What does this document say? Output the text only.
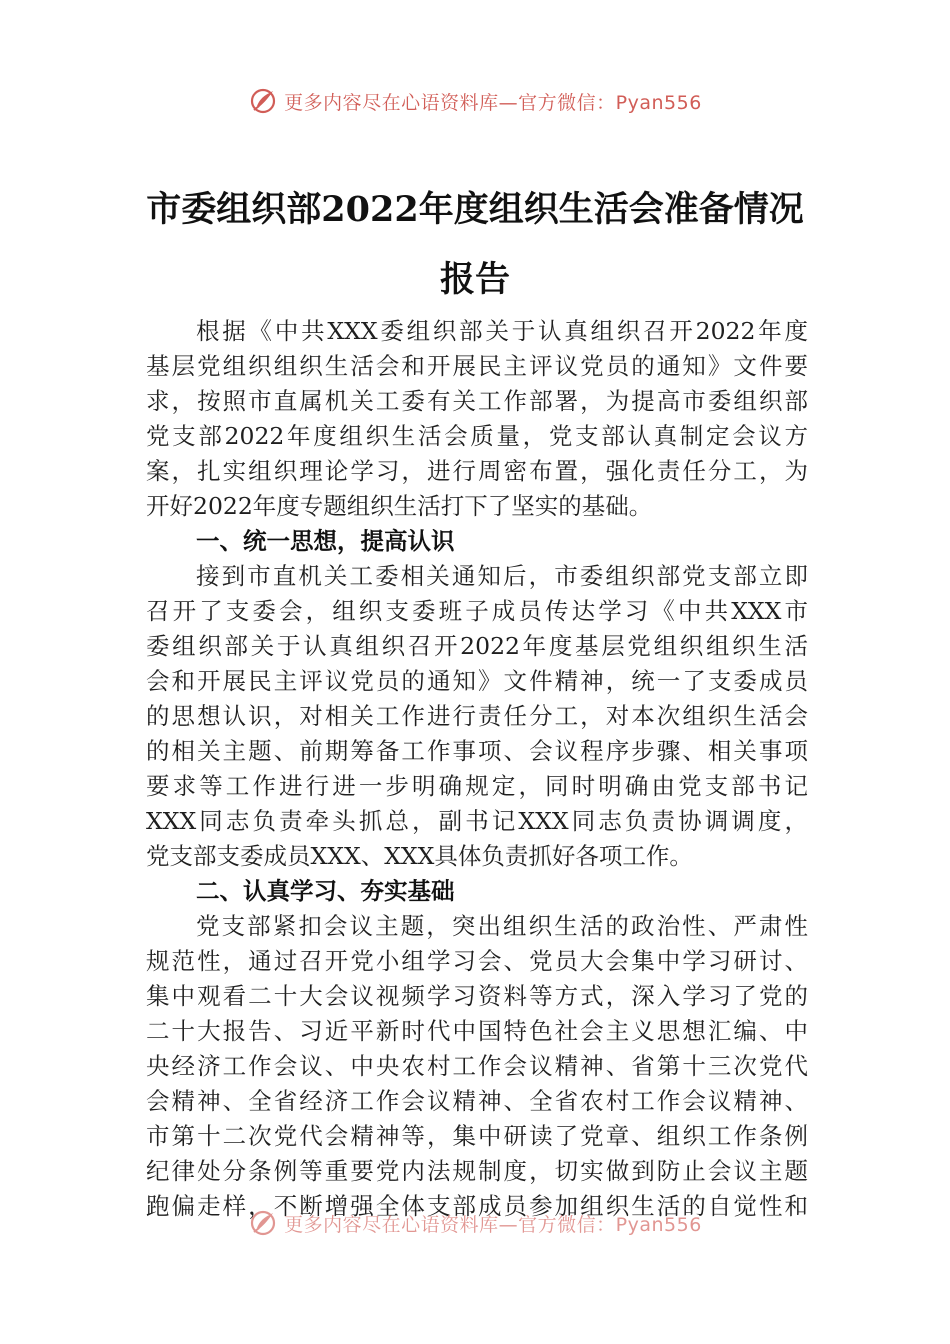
更多内容尽在心语资料库—官方微信：Pyan556
市委组织部2022年度组织生活会准备情况
报告
根据《中共XXX委组织部关于认真组织召开2022年度
基层党组织组织生活会和开展民主评议党员的通知》文件要
求，按照市直属机关工委有关工作部署，为提高市委组织部
党支部2022年度组织生活会质量，党支部认真制定会议方
案，扎实组织理论学习，进行周密布置，强化责任分工，为
开好2022年度专题组织生活打下了坚实的基础。
一、统一思想，提高认识
接到市直机关工委相关通知后，市委组织部党支部立即
召开了支委会，组织支委班子成员传达学习《中共XXX市
委组织部关于认真组织召开2022年度基层党组织组织生活
会和开展民主评议党员的通知》文件精神，统一了支委成员
的思想认识，对相关工作进行责任分工，对本次组织生活会
的相关主题、前期筹备工作事项、会议程序步骤、相关事项
要求等工作进行进一步明确规定，同时明确由党支部书记
XXX同志负责牵头抓总，副书记XXX同志负责协调调度，
党支部支委成员XXX、XXX具体负责抓好各项工作。
二、认真学习、夯实基础
党支部紧扣会议主题，突出组织生活的政治性、严肃性
规范性，通过召开党小组学习会、党员大会集中学习研讨、
集中观看二十大会议视频学习资料等方式，深入学习了党的
二十大报告、习近平新时代中国特色社会主义思想汇编、中
央经济工作会议、中央农村工作会议精神、省第十三次党代
会精神、全省经济工作会议精神、全省农村工作会议精神、
市第十二次党代会精神等，集中研读了党章、组织工作条例
纪律处分条例等重要党内法规制度，切实做到防止会议主题
跑偏走样，不断增强全体支部成员参加组织生活的自觉性和
更多内容尽在心语资料库—官方微信：Pyan556
